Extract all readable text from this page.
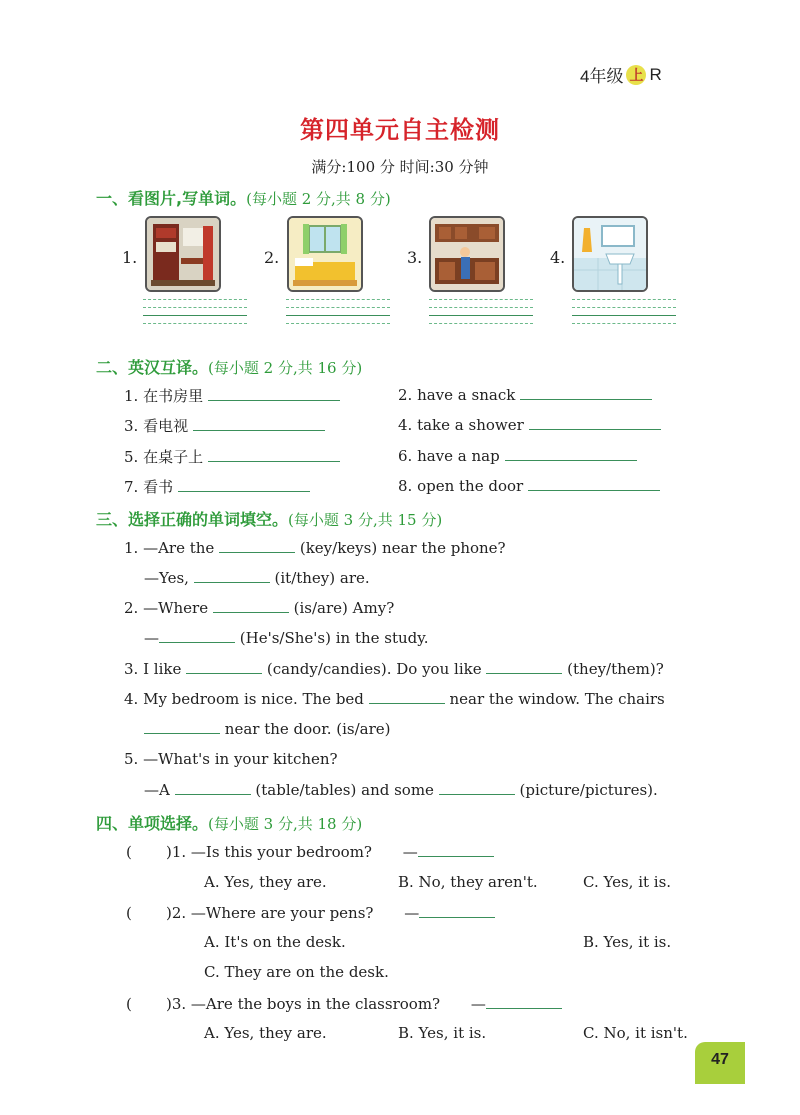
4年级 上 R
第四单元自主检测
满分:100 分 时间:30 分钟
一、看图片,写单词。(每小题 2 分,共 8 分)
1.	2.	3.	4.
二、英汉互译。(每小题 2 分,共 16 分)
1. 在书房里	2. have a snack
3. 看电视	4. take a shower
5. 在桌子上	6. have a nap
7. 看书	8. open the door
三、选择正确的单词填空。(每小题 3 分,共 15 分)
1. —Are the	(key/keys) near the phone?
—Yes,	(it/they) are.
2. —Where	(is/are) Amy?
—	(He's/She's) in the study.
3. I like	(candy/candies). Do you like	(they/them)?
4. My bedroom is nice. The bed	near the window. The chairs
near the door. (is/are)
5. —What's in your kitchen?
—A	(table/tables) and some	(picture/pictures).
四、单项选择。(每小题 3 分,共 18 分)
( )1. —Is this your bedroom? —
A. Yes, they are.	B. No, they aren't.	C. Yes, it is.
( )2. —Where are your pens? —
A. It's on the desk.	B. Yes, it is.
C. They are on the desk.
( )3. —Are the boys in the classroom? —
A. Yes, they are.	B. Yes, it is.	C. No, it isn't.
47
